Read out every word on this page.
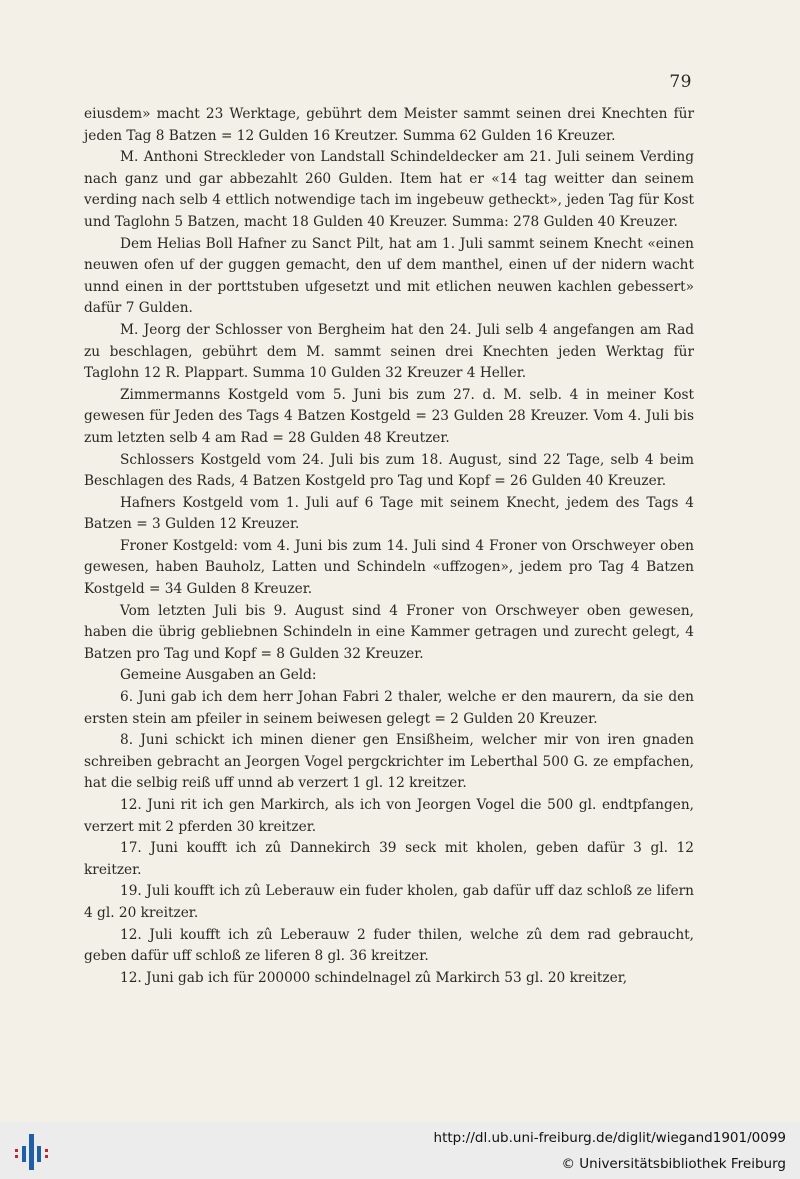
79

eiusdem» macht 23 Werktage, gebührt dem Meister sammt seinen drei Knechten für jeden Tag 8 Batzen = 12 Gulden 16 Kreutzer. Summa 62 Gulden 16 Kreuzer.

M. Anthoni Streckleder von Landstall Schindeldecker am 21. Juli seinem Verding nach ganz und gar abbezahlt 260 Gulden. Item hat er «14 tag weitter dan seinem verding nach selb 4 ettlich notwendige tach im ingebeuw getheckt», jeden Tag für Kost und Taglohn 5 Batzen, macht 18 Gulden 40 Kreuzer. Summa: 278 Gulden 40 Kreuzer.

Dem Helias Boll Hafner zu Sanct Pilt, hat am 1. Juli sammt seinem Knecht «einen neuwen ofen uf der guggen gemacht, den uf dem manthel, einen uf der nidern wacht unnd einen in der porttstuben ufgesetzt und mit etlichen neuwen kachlen gebessert» dafür 7 Gulden.

M. Jeorg der Schlosser von Bergheim hat den 24. Juli selb 4 angefangen am Rad zu beschlagen, gebührt dem M. sammt seinen drei Knechten jeden Werktag für Taglohn 12 R. Plappart. Summa 10 Gulden 32 Kreuzer 4 Heller.

Zimmermanns Kostgeld vom 5. Juni bis zum 27. d. M. selb. 4 in meiner Kost gewesen für Jeden des Tags 4 Batzen Kostgeld = 23 Gulden 28 Kreuzer. Vom 4. Juli bis zum letzten selb 4 am Rad = 28 Gulden 48 Kreutzer.

Schlossers Kostgeld vom 24. Juli bis zum 18. August, sind 22 Tage, selb 4 beim Beschlagen des Rads, 4 Batzen Kostgeld pro Tag und Kopf = 26 Gulden 40 Kreuzer.

Hafners Kostgeld vom 1. Juli auf 6 Tage mit seinem Knecht, jedem des Tags 4 Batzen = 3 Gulden 12 Kreuzer.

Froner Kostgeld: vom 4. Juni bis zum 14. Juli sind 4 Froner von Orschweyer oben gewesen, haben Bauholz, Latten und Schindeln «uffzogen», jedem pro Tag 4 Batzen Kostgeld = 34 Gulden 8 Kreuzer.

Vom letzten Juli bis 9. August sind 4 Froner von Orschweyer oben gewesen, haben die übrig gebliebnen Schindeln in eine Kammer getragen und zurecht gelegt, 4 Batzen pro Tag und Kopf = 8 Gulden 32 Kreuzer.

Gemeine Ausgaben an Geld:

6. Juni gab ich dem herr Johan Fabri 2 thaler, welche er den maurern, da sie den ersten stein am pfeiler in seinem beiwesen gelegt = 2 Gulden 20 Kreuzer.

8. Juni schickt ich minen diener gen Ensißheim, welcher mir von iren gnaden schreiben gebracht an Jeorgen Vogel pergckrichter im Leberthal 500 G. ze empfachen, hat die selbig reiß uff unnd ab verzert 1 gl. 12 kreitzer.

12. Juni rit ich gen Markirch, als ich von Jeorgen Vogel die 500 gl. endtpfangen, verzert mit 2 pferden 30 kreitzer.

17. Juni koufft ich zû Dannekirch 39 seck mit kholen, geben dafür 3 gl. 12 kreitzer.

19. Juli koufft ich zû Leberauw ein fuder kholen, gab dafür uff daz schloß ze lifern 4 gl. 20 kreitzer.

12. Juli koufft ich zû Leberauw 2 fuder thilen, welche zû dem rad gebraucht, geben dafür uff schloß ze liferen 8 gl. 36 kreitzer.

12. Juni gab ich für 200000 schindelnagel zû Markirch 53 gl. 20 kreitzer,

http://dl.ub.uni-freiburg.de/diglit/wiegand1901/0099
© Universitätsbibliothek Freiburg
